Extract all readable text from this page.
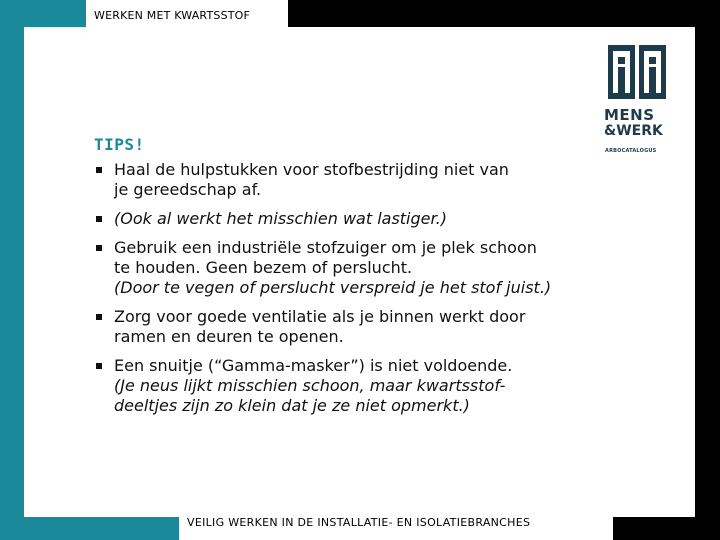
WERKEN MET KWARTSSTOF
MENS
&WERK
ARBOCATALOGUS
TIPS!
Haal de hulpstukken voor stofbestrijding niet van
je gereedschap af.
(Ook al werkt het misschien wat lastiger.)
Gebruik een industriële stofzuiger om je plek schoon
te houden. Geen bezem of perslucht.
(Door te vegen of perslucht verspreid je het stof juist.)
Zorg voor goede ventilatie als je binnen werkt door
ramen en deuren te openen.
Een snuitje (“Gamma-masker”) is niet voldoende.
(Je neus lijkt misschien schoon, maar kwartsstof-
deeltjes zijn zo klein dat je ze niet opmerkt.)
VEILIG WERKEN IN DE INSTALLATIE- EN ISOLATIEBRANCHES
